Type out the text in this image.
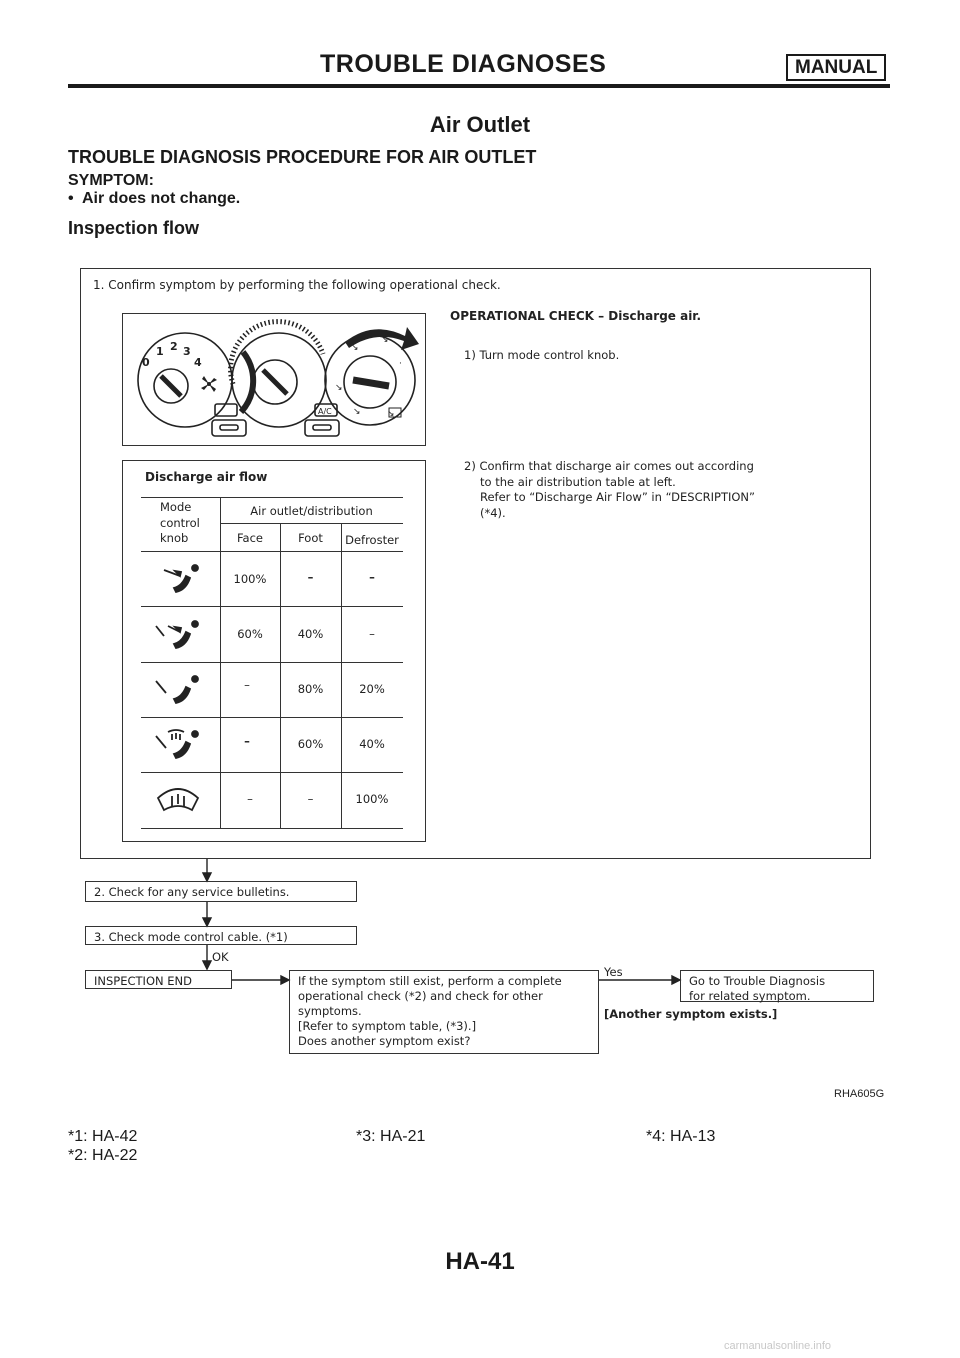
TROUBLE DIAGNOSES	MANUAL
Air Outlet
TROUBLE DIAGNOSIS PROCEDURE FOR AIR OUTLET
SYMPTOM:
• Air does not change.
Inspection flow
1. Confirm symptom by performing the following operational check.
↘
↘
·
↘
↘	↘
0
1 2 3
4
A/C
OPERATIONAL CHECK – Discharge air.
1) Turn mode control knob.
2) Confirm that discharge air comes out according
to the air distribution table at left.
Refer to “Discharge Air Flow” in “DESCRIPTION”
(*4).
Discharge air flow
Mode
control
knob
Air outlet/distribution
Face	Foot	Defroster
100%	–	–
60%	40%	–
–	80%	20%
–	60%	40%
–	–	100%
2. Check for any service bulletins.
3. Check mode control cable. (*1)
OK
INSPECTION END	If the symptom still exist, perform a complete
operational check (*2) and check for other
symptoms.
[Refer to symptom table, (*3).]
Does another symptom exist?
Yes
Go to Trouble Diagnosis
for related symptom.
[Another symptom exists.]
RHA605G
*1: HA-42
*2: HA-22
*3: HA-21	*4: HA-13
HA-41
carmanualsonline.info
